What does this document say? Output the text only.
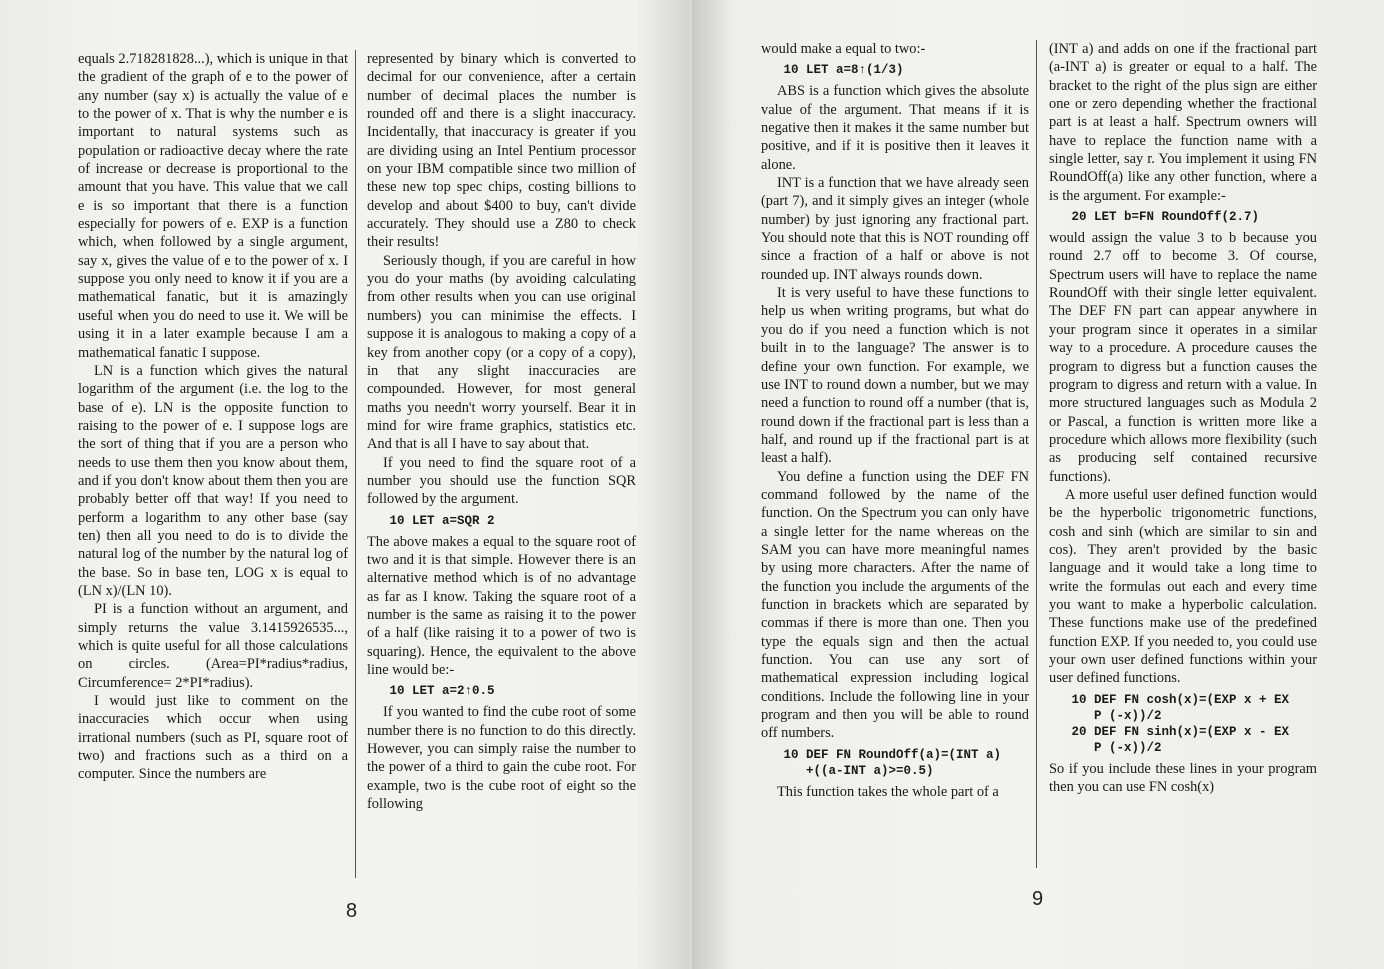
equals 2.718281828...), which is unique in that the gradient of the graph of e to the power of any number (say x) is actually the value of e to the power of x. That is why the number e is important to natural systems such as population or radioactive decay where the rate of increase or decrease is proportional to the amount that you have. This value that we call e is so important that there is a function especially for powers of e. EXP is a function which, when followed by a single argument, say x, gives the value of e to the power of x. I suppose you only need to know it if you are a mathematical fanatic, but it is amazingly useful when you do need to use it. We will be using it in a later example because I am a mathematical fanatic I suppose.

LN is a function which gives the natural logarithm of the argument (i.e. the log to the base of e). LN is the opposite function to raising to the power of e. I suppose logs are the sort of thing that if you are a person who needs to use them then you know about them, and if you don't know about them then you are probably better off that way! If you need to perform a logarithm to any other base (say ten) then all you need to do is to divide the natural log of the number by the natural log of the base. So in base ten, LOG x is equal to (LN x)/(LN 10).

PI is a function without an argument, and simply returns the value 3.1415926535..., which is quite useful for all those calculations on circles. (Area=PI*radius*radius, Circumference= 2*PI*radius).

I would just like to comment on the inaccuracies which occur when using irrational numbers (such as PI, square root of two) and fractions such as a third on a computer. Since the numbers are

represented by binary which is converted to decimal for our convenience, after a certain number of decimal places the number is rounded off and there is a slight inaccuracy. Incidentally, that inaccuracy is greater if you are dividing using an Intel Pentium processor on your IBM compatible since two million of these new top spec chips, costing billions to develop and about $400 to buy, can't divide accurately. They should use a Z80 to check their results!

Seriously though, if you are careful in how you do your maths (by avoiding calculating from other results when you can use original numbers) you can minimise the effects. I suppose it is analogous to making a copy of a key from another copy (or a copy of a copy), in that any slight inaccuracies are compounded. However, for most general maths you needn't worry yourself. Bear it in mind for wire frame graphics, statistics etc. And that is all I have to say about that.

If you need to find the square root of a number you should use the function SQR followed by the argument.

10 LET a=SQR 2

The above makes a equal to the square root of two and it is that simple. However there is an alternative method which is of no advantage as far as I know. Taking the square root of a number is the same as raising it to the power of a half (like raising it to a power of two is squaring). Hence, the equivalent to the above line would be:-

10 LET a=2↑0.5

If you wanted to find the cube root of some number there is no function to do this directly. However, you can simply raise the number to the power of a third to gain the cube root. For example, two is the cube root of eight so the following

8

would make a equal to two:-

10 LET a=8↑(1/3)

ABS is a function which gives the absolute value of the argument. That means if it is negative then it makes it the same number but positive, and if it is positive then it leaves it alone.

INT is a function that we have already seen (part 7), and it simply gives an integer (whole number) by just ignoring any fractional part. You should note that this is NOT rounding off since a fraction of a half or above is not rounded up. INT always rounds down.

It is very useful to have these functions to help us when writing programs, but what do you do if you need a function which is not built in to the language? The answer is to define your own function. For example, we use INT to round down a number, but we may need a function to round off a number (that is, round down if the fractional part is less than a half, and round up if the fractional part is at least a half).

You define a function using the DEF FN command followed by the name of the function. On the Spectrum you can only have a single letter for the name whereas on the SAM you can have more meaningful names by using more characters. After the name of the function you include the arguments of the function in brackets which are separated by commas if there is more than one. Then you type the equals sign and then the actual function. You can use any sort of mathematical expression including logical conditions. Include the following line in your program and then you will be able to round off numbers.

10 DEF FN RoundOff(a)=(INT a)
+((a-INT a)>=0.5)

This function takes the whole part of a

(INT a) and adds on one if the fractional part (a-INT a) is greater or equal to a half. The bracket to the right of the plus sign are either one or zero depending whether the fractional part is at least a half. Spectrum owners will have to replace the function name with a single letter, say r. You implement it using FN RoundOff(a) like any other function, where a is the argument. For example:-

20 LET b=FN RoundOff(2.7)

would assign the value 3 to b because you round 2.7 off to become 3. Of course, Spectrum users will have to replace the name RoundOff with their single letter equivalent. The DEF FN part can appear anywhere in your program since it operates in a similar way to a procedure. A procedure causes the program to digress but a function causes the program to digress and return with a value. In more structured languages such as Modula 2 or Pascal, a function is written more like a procedure which allows more flexibility (such as producing self contained recursive functions).

A more useful user defined function would be the hyperbolic trigonometric functions, cosh and sinh (which are similar to sin and cos). They aren't provided by the basic language and it would take a long time to write the formulas out each and every time you want to make a hyperbolic calculation. These functions make use of the predefined function EXP. If you needed to, you could use your own user defined functions within your user defined functions.

10 DEF FN cosh(x)=(EXP x + EX
P (-x))/2
20 DEF FN sinh(x)=(EXP x - EX
P (-x))/2

So if you include these lines in your program then you can use FN cosh(x)

9
